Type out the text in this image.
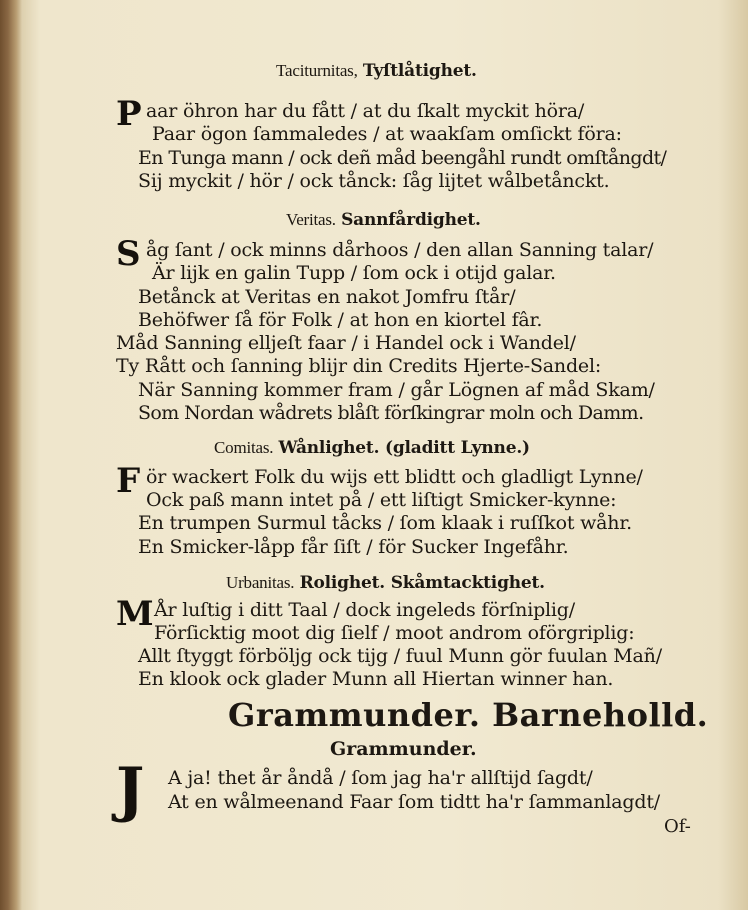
Taciturnitas, Tyſtlåtighet.
P aar öhron har du fått / at du ſkalt myckit höra/
Paar ögon ſammaledes / at waakſam omſickt föra:
En Tunga mann / ock deñ måd beengåhl rundt omſtångdt/
Sij myckit / hör / ock tånck: ſåg lijtet wålbetånckt.
Veritas. Sannfårdighet.
S åg ſant / ock minns dårhoos / den allan Sanning talar/
Är lijk en galin Tupp / ſom ock i otijd galar.
Betånck at Veritas en nakot Jomfru ſtår/
Behöfwer ſå för Folk / at hon en kiortel fâr.
Måd Sanning elljeſt faar / i Handel ock i Wandel/
Ty Rått och ſanning blijr din Credits Hjerte-Sandel:
När Sanning kommer fram / går Lögnen af måd Skam/
Som Nordan wådrets blåſt förſkingrar moln och Damm.
Comitas. Wånlighet. (gladitt Lynne.)
F ör wackert Folk du wijs ett blidtt och gladligt Lynne/
Ock paß mann intet på / ett liſtigt Smicker-kynne:
En trumpen Surmul tåcks / ſom klaak i ruſſkot wåhr.
En Smicker-låpp får ſiſt / för Sucker Ingefåhr.
Urbanitas. Rolighet. Skåmtacktighet.
M År luſtig i ditt Taal / dock ingeleds förſniplig/
Förſicktig moot dig ſielf / moot androm oförgriplig:
Allt ſtyggt förböljg ock tijg / fuul Munn gör fuulan Mañ/
En klook ock glader Munn all Hiertan winner han.
Grammunder. Barneholld.
Grammunder.
J A ja! thet år åndå / ſom jag ha'r allſtijd ſagdt/
At en wålmeenand Faar ſom tidtt ha'r ſammanlagdt/
Of-
